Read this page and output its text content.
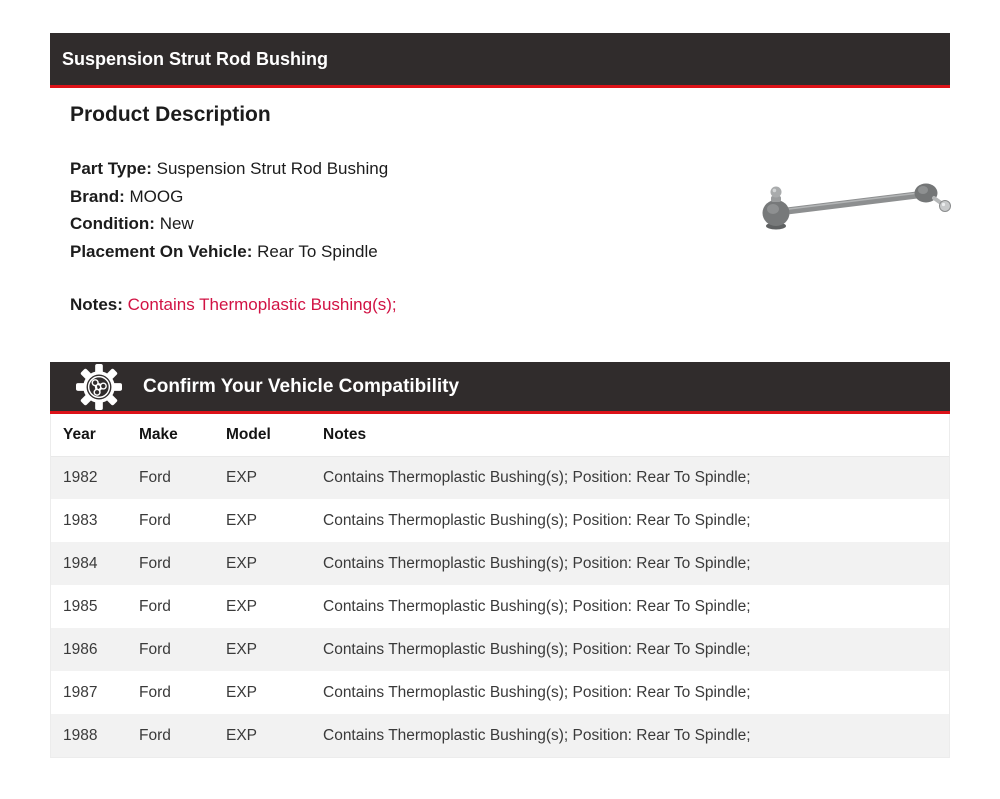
Suspension Strut Rod Bushing
Product Description
Part Type: Suspension Strut Rod Bushing
Brand: MOOG
Condition: New
Placement On Vehicle: Rear To Spindle
Notes: Contains Thermoplastic Bushing(s);
Confirm Your Vehicle Compatibility
Year	Make	Model	Notes
1982	Ford	EXP	Contains Thermoplastic Bushing(s); Position: Rear To Spindle;
1983	Ford	EXP	Contains Thermoplastic Bushing(s); Position: Rear To Spindle;
1984	Ford	EXP	Contains Thermoplastic Bushing(s); Position: Rear To Spindle;
1985	Ford	EXP	Contains Thermoplastic Bushing(s); Position: Rear To Spindle;
1986	Ford	EXP	Contains Thermoplastic Bushing(s); Position: Rear To Spindle;
1987	Ford	EXP	Contains Thermoplastic Bushing(s); Position: Rear To Spindle;
1988	Ford	EXP	Contains Thermoplastic Bushing(s); Position: Rear To Spindle;
